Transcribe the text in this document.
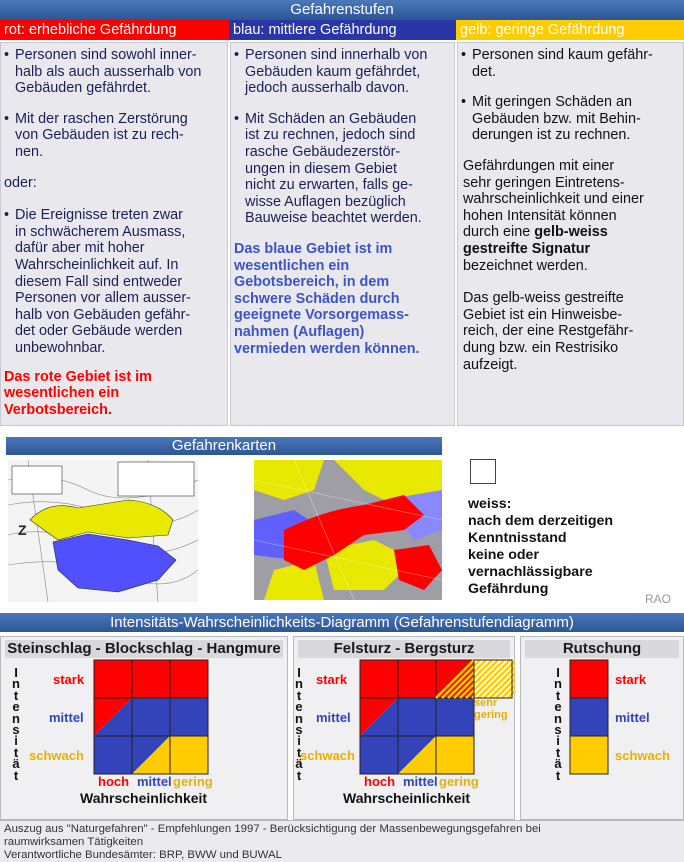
Gefahrenstufen
rot: erhebliche Gefährdung	blau: mittlere Gefährdung	gelb: geringe Gefährdung
• Personen sind sowohl inner-
halb als auch ausserhalb von
Gebäuden gefährdet.

• Mit der raschen Zerstörung
von Gebäuden ist zu rech-
nen.

oder:

• Die Ereignisse treten zwar
in schwächerem Ausmass,
dafür aber mit hoher
Wahrscheinlichkeit auf. In
diesem Fall sind entweder
Personen vor allem ausser-
halb von Gebäuden gefähr-
det oder Gebäude werden
unbewohnbar.

Das rote Gebiet ist im
wesentlichen ein
Verbotsbereich.

• Personen sind innerhalb von
Gebäuden kaum gefährdet,
jedoch ausserhalb davon.

• Mit Schäden an Gebäuden
ist zu rechnen, jedoch sind
rasche Gebäudezerstör-
ungen in diesem Gebiet
nicht zu erwarten, falls ge-
wisse Auflagen bezüglich
Bauweise beachtet werden.

Das blaue Gebiet ist im
wesentlichen ein
Gebotsbereich, in dem
schwere Schäden durch
geeignete Vorsorgemass-
nahmen (Auflagen)
vermieden werden können.

• Personen sind kaum gefähr-
det.

• Mit geringen Schäden an
Gebäuden bzw. mit Behin-
derungen ist zu rechnen.

Gefährdungen mit einer
sehr geringen Eintretens-
wahrscheinlichkeit und einer
hohen Intensität können
durch eine gelb-weiss
gestreifte Signatur
bezeichnet werden.

Das gelb-weiss gestreifte
Gebiet ist ein Hinweisbe-
reich, der eine Restgefähr-
dung bzw. ein Restrisiko
aufzeigt.

Gefahrenkarten
Z
weiss:
nach dem derzeitigen
Kenntnisstand
keine oder
vernachlässigbare
Gefährdung
RAO
Intensitäts-Wahrscheinlichkeits-Diagramm (Gefahrenstufendiagramm)
Steinschlag - Blockschlag - Hangmure
I
n
t
e
n
s
i
t
ä
t
stark
mittel
schwach
hoch mittel gering
Wahrscheinlichkeit
Felsturz - Bergsturz
I
n
t
e
n
s
i
t
ä
t
stark
mittel
schwach
sehr
gering
hoch mittel gering
Wahrscheinlichkeit
Rutschung
I
n
t
e
n
s
i
t
ä
t
stark
mittel
schwach
Auszug aus "Naturgefahren" - Empfehlungen 1997 - Berücksichtigung der Massenbewegungsgefahren bei
raumwirksamen Tätigkeiten
Verantwortliche Bundesämter: BRP, BWW und BUWAL
